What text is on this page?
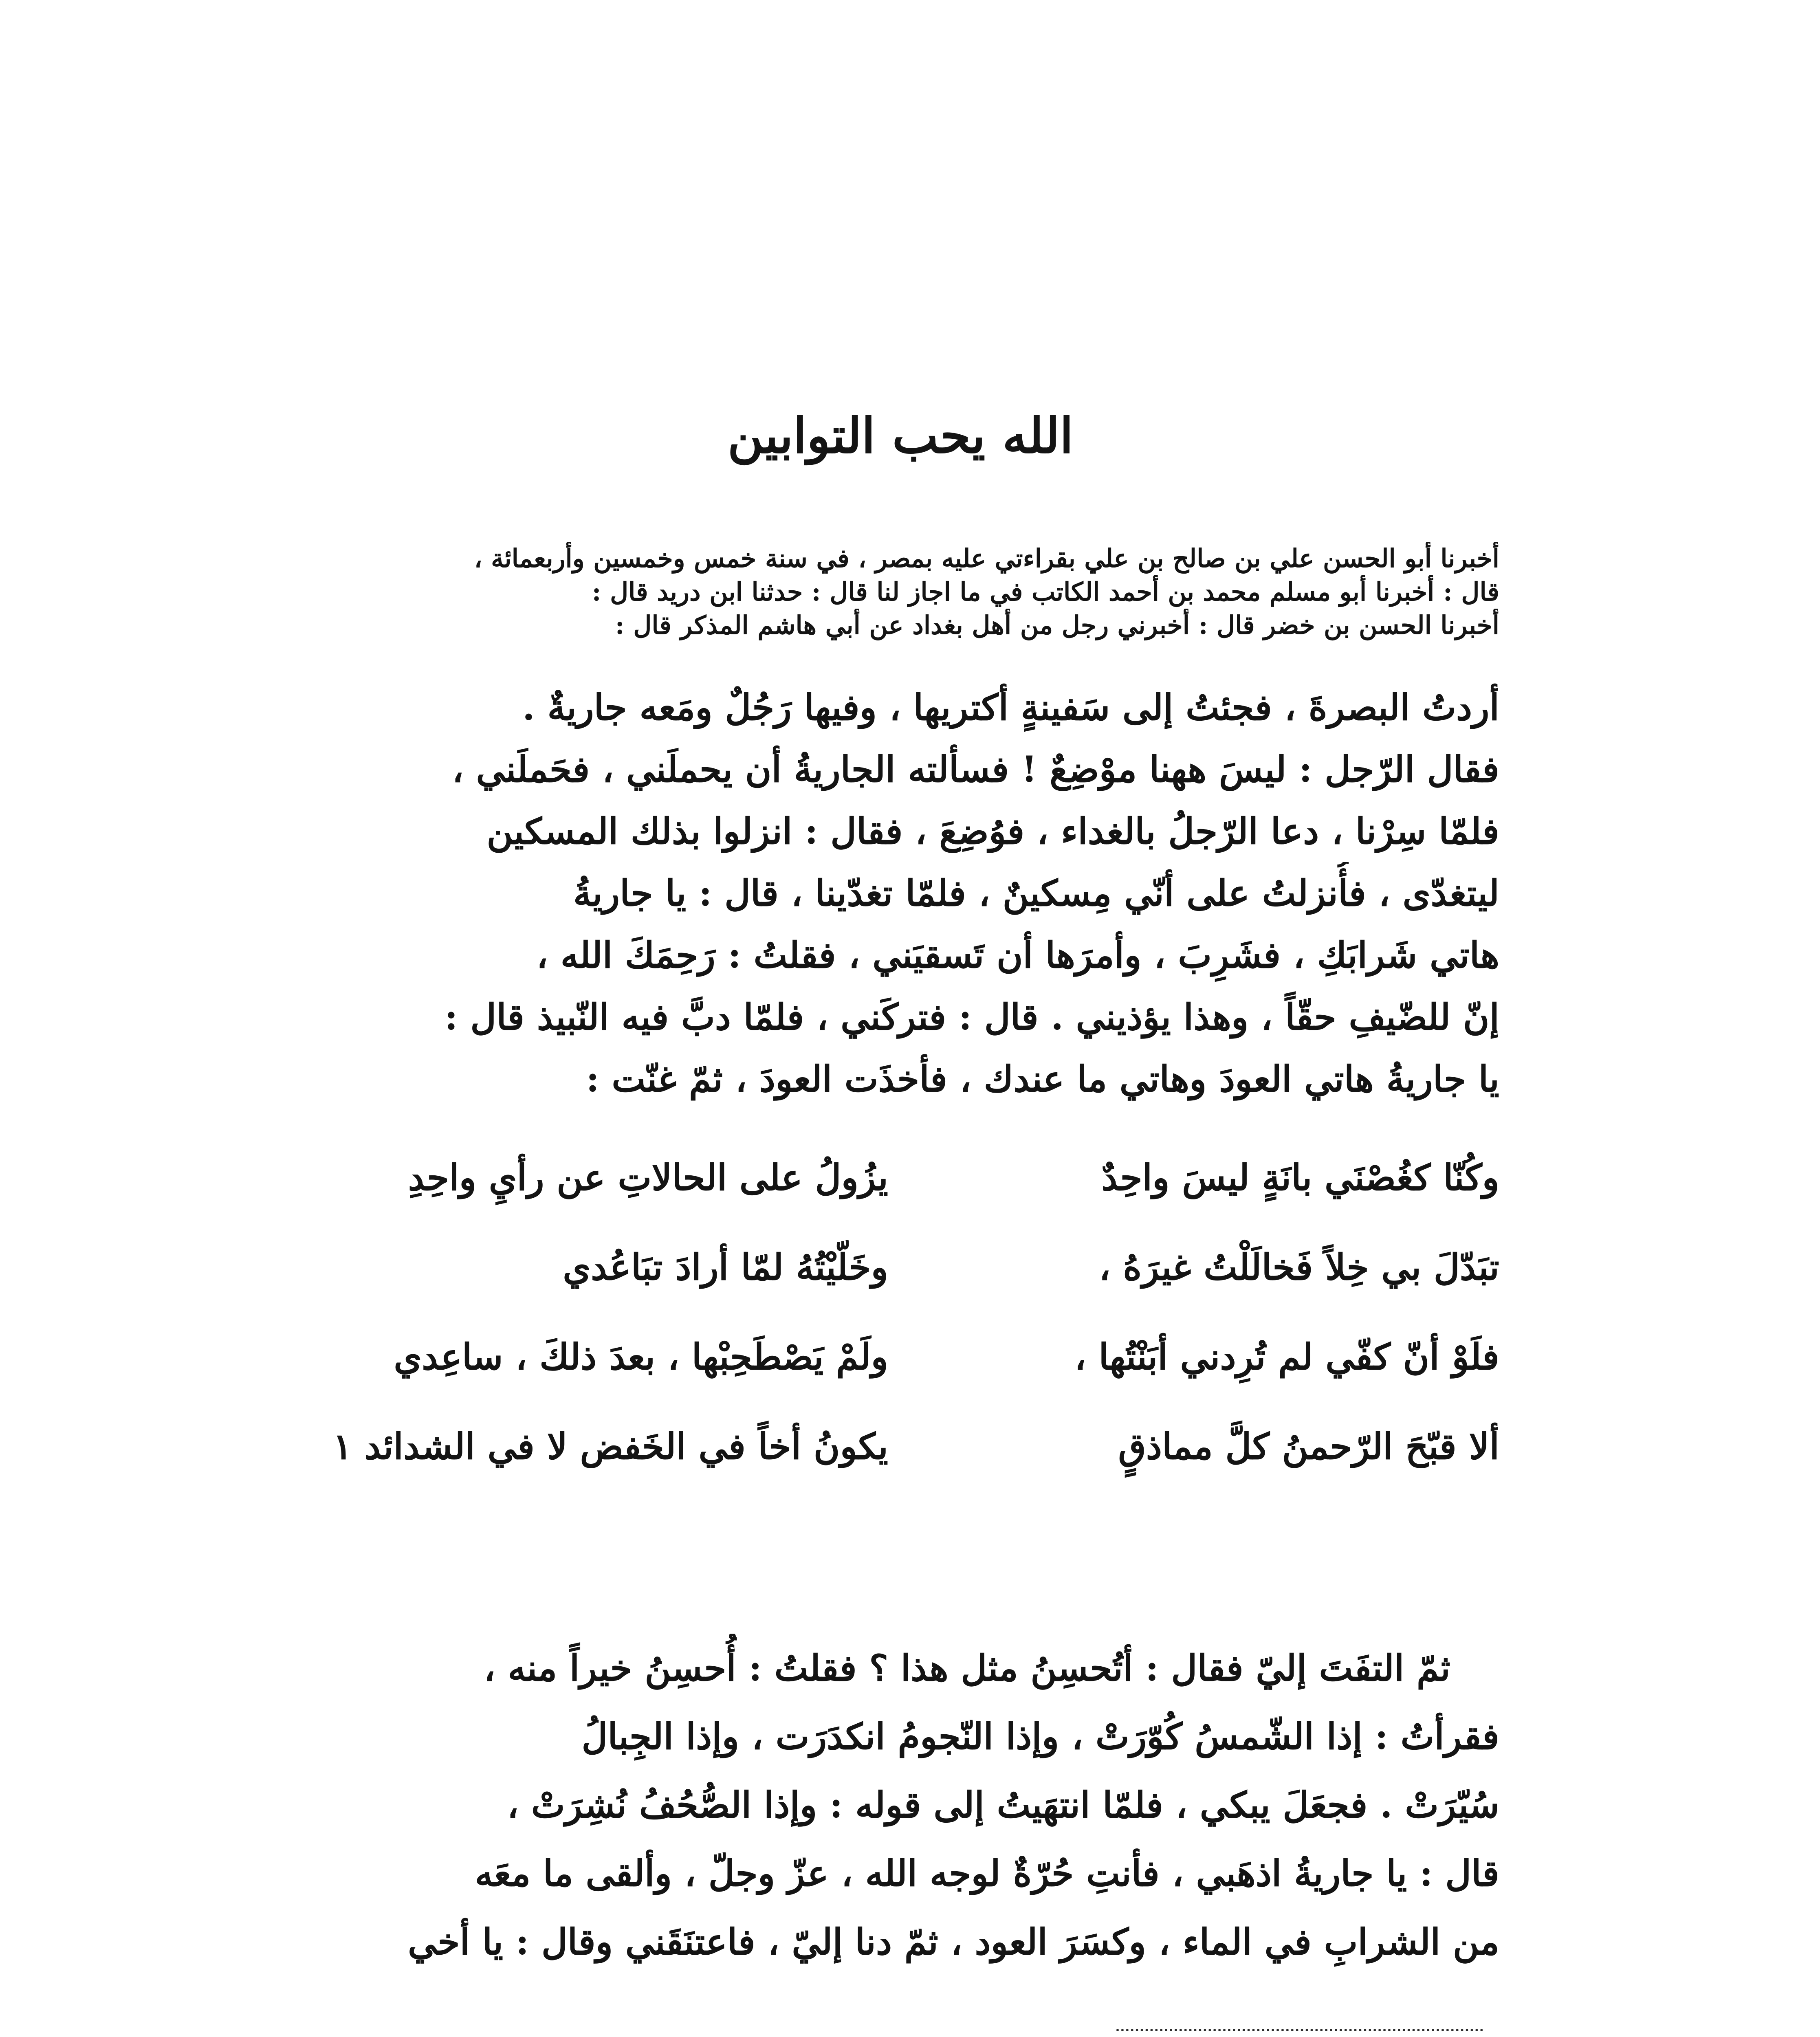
الله يحب التوابين
أخبرنا أبو الحسن علي بن صالح بن علي بقراءتي عليه بمصر ، في سنة خمس وخمسين وأربعمائة ،
قال : أخبرنا أبو مسلم محمد بن أحمد الكاتب في ما اجاز لنا قال : حدثنا ابن دريد قال :
أخبرنا الحسن بن خضر قال : أخبرني رجل من أهل بغداد عن أبي هاشم المذكر قال :
أردتُ البصرةَ ، فجئتُ إلى سَفينةٍ أكتريها ، وفيها رَجُلٌ ومَعه جاريةٌ .
فقال الرّجل : ليسَ ههنا موْضِعٌ ! فسألته الجاريةُ أن يحملَني ، فحَملَني ،
فلمّا سِرْنا ، دعا الرّجلُ بالغداء ، فوُضِعَ ، فقال : انزلوا بذلك المسكين
ليتغدّى ، فأُنزلتُ على أنّي مِسكينٌ ، فلمّا تغدّينا ، قال : يا جاريةُ
هاتي شَرابَكِ ، فشَرِبَ ، وأمرَها أن تَسقيَني ، فقلتُ : رَحِمَكَ الله ،
إنّ للضّيفِ حقّاً ، وهذا يؤذيني . قال : فتركَني ، فلمّا دبَّ فيه النّبيذ قال :
يا جاريةُ هاتي العودَ وهاتي ما عندك ، فأخذَت العودَ ، ثمّ غنّت :
وكُنّا كغُصْنَي بانَةٍ ليسَ واحِدٌ
يزُولُ على الحالاتِ عن رأيِ واحِدِ
تبَدّلَ بي خِلاً فَخالَلْتُ غيرَهُ ،
وخَلّيْتُهُ لمّا أرادَ تبَاعُدي
فلَوْ أنّ كفّي لم تُرِدني أبَنْتُها ،
ولَمْ يَصْطَحِبْها ، بعدَ ذلكَ ، ساعِدي
ألا قبّحَ الرّحمنُ كلَّ مماذقٍ
يكونُ أخاً في الخَفض لا في الشدائد ١
ثمّ التفَتَ إليّ فقال : أتُحسِنُ مثل هذا ؟ فقلتُ : أُحسِنُ خيراً منه ،
فقرأتُ : إذا الشّمسُ كُوّرَتْ ، وإذا النّجومُ انكدَرَت ، وإذا الجِبالُ
سُيّرَتْ . فجعَلَ يبكي ، فلمّا انتهَيتُ إلى قوله : وإذا الصُّحُفُ نُشِرَتْ ،
قال : يا جاريةُ اذهَبي ، فأنتِ حُرّةٌ لوجه الله ، عزّ وجلّ ، وألقى ما معَه
من الشرابِ في الماء ، وكسَرَ العود ، ثمّ دنا إليّ ، فاعتنَقَني وقال : يا أخي
